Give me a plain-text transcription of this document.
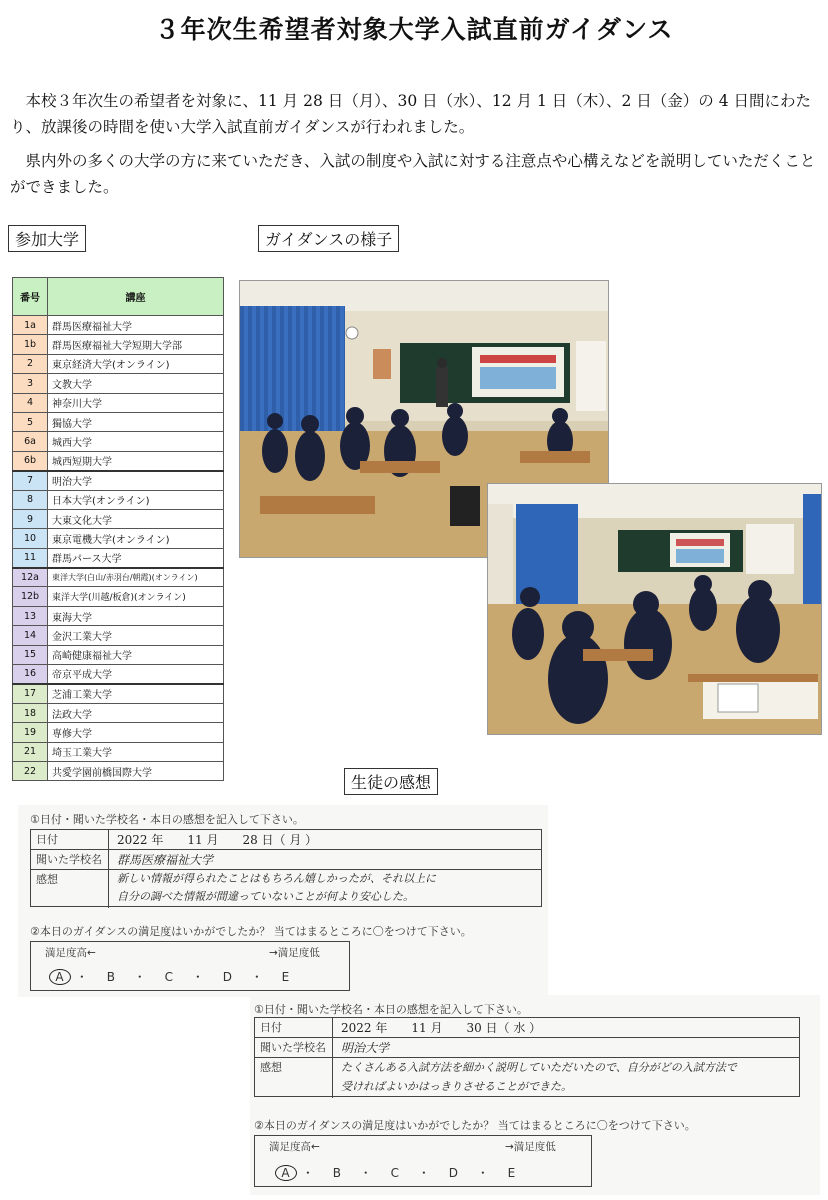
３年次生希望者対象大学入試直前ガイダンス

本校３年次生の希望者を対象に、11 月 28 日（月）、30 日（水）、12 月 1 日（木）、2 日（金）の 4 日間にわたり、放課後の時間を使い大学入試直前ガイダンスが行われました。

県内外の多くの大学の方に来ていただき、入試の制度や入試に対する注意点や心構えなどを説明していただくことができました。

参加大学	ガイダンスの様子
番号	講座
1a	群馬医療福祉大学
1b	群馬医療福祉大学短期大学部
2	東京経済大学(オンライン)
3	文教大学
4	神奈川大学
5	獨協大学
6a	城西大学
6b	城西短期大学
7	明治大学
8	日本大学(オンライン)
9	大東文化大学
10	東京電機大学(オンライン)
11	群馬パース大学
12a	東洋大学(白山/赤羽台/朝霞)(オンライン)
12b	東洋大学(川越/板倉)(オンライン)
13	東海大学
14	金沢工業大学
15	高崎健康福祉大学
16	帝京平成大学
17	芝浦工業大学
18	法政大学
19	専修大学
21	埼玉工業大学
22	共愛学園前橋国際大学	生徒の感想
①日付・聞いた学校名・本日の感想を記入して下さい。
日付	2022 年　　11 月　　28 日（ 月 ）
聞いた学校名	群馬医療福祉大学
感想	新しい情報が得られたことはもちろん嬉しかったが、それ以上に
自分の調べた情報が間違っていないことが何より安心した。
②本日のガイダンスの満足度はいかがでしたか？ 当てはまるところに〇をつけて下さい。
満足度高←	→満足度低
A ・　 B　 ・　 C　 ・　 D　 ・　 E
①日付・聞いた学校名・本日の感想を記入して下さい。
日付	2022 年　　11 月　　30 日（ 水 ）
聞いた学校名	明治大学
感想	たくさんある入試方法を細かく説明していただいたので、自分がどの入試方法で
受ければよいかはっきりさせることができた。
②本日のガイダンスの満足度はいかがでしたか？ 当てはまるところに〇をつけて下さい。
満足度高←	→満足度低
A ・　 B　 ・　 C　 ・　 D　 ・　 E
